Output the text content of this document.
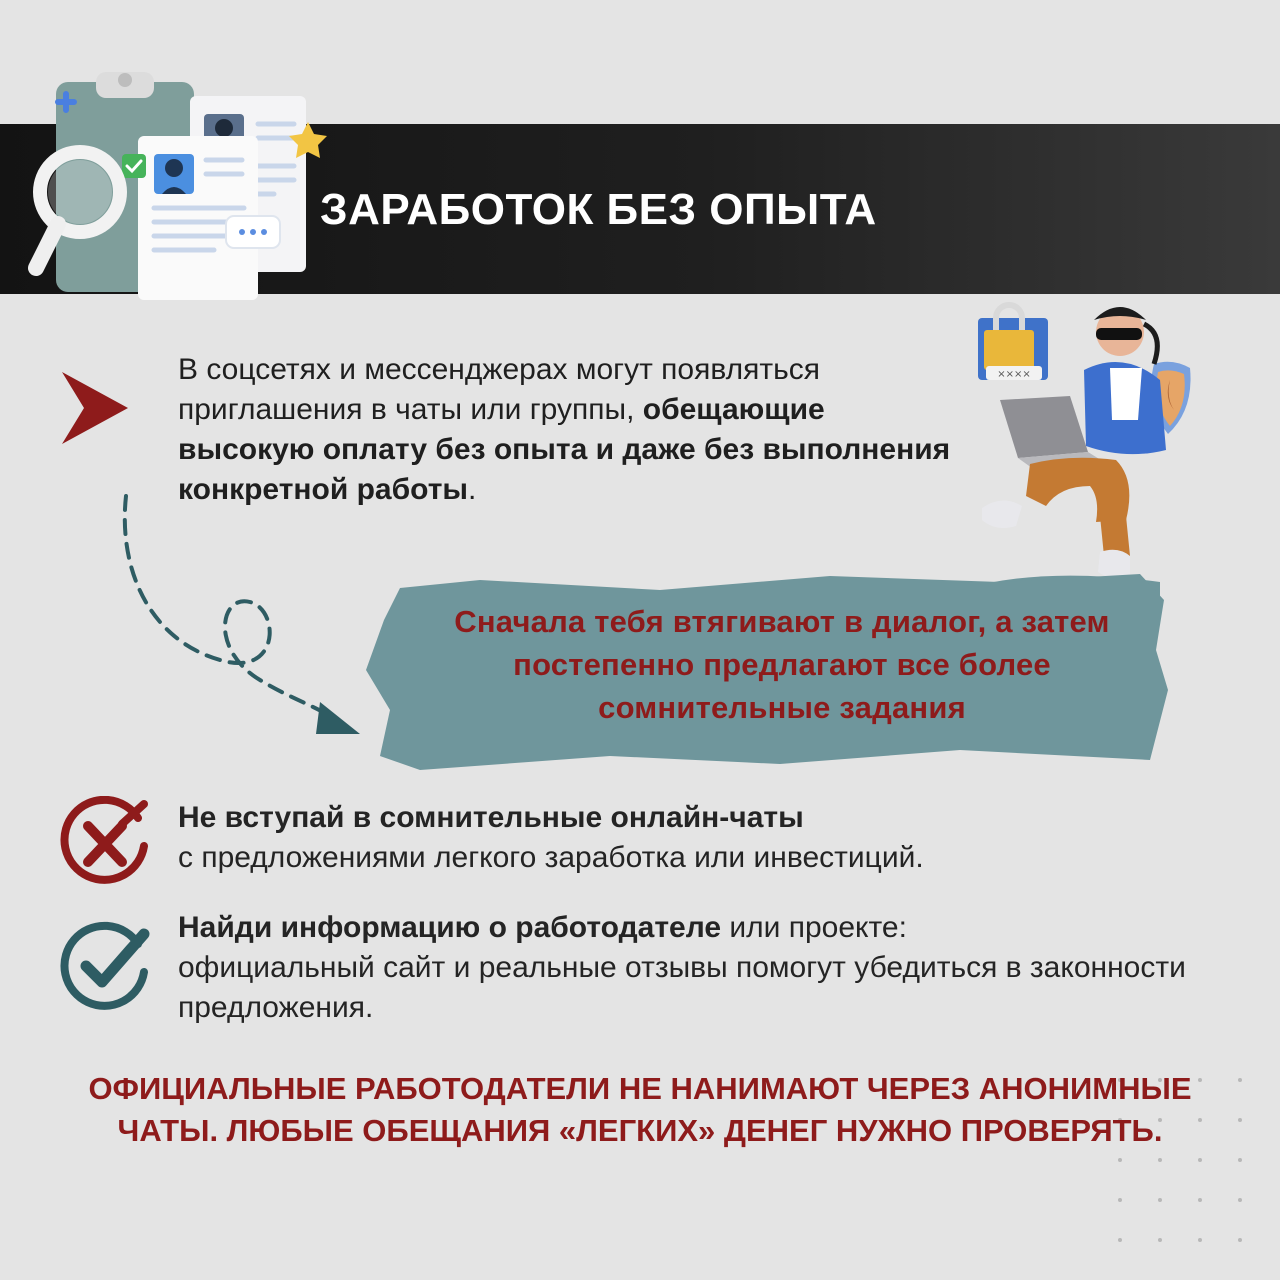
ЗАРАБОТОК БЕЗ ОПЫТА
В соцсетях и мессенджерах могут появляться приглашения в чаты или группы, обещающие высокую оплату без опыта и даже без выполнения конкретной работы.
××××
Сначала тебя втягивают в диалог, а затем постепенно предлагают все более сомнительные задания
Не вступай в сомнительные онлайн-чаты
с предложениями легкого заработка или инвестиций.
Найди информацию о работодателе или проекте:
официальный сайт и реальные отзывы помогут убедиться в законности предложения.
ОФИЦИАЛЬНЫЕ РАБОТОДАТЕЛИ НЕ НАНИМАЮТ ЧЕРЕЗ АНОНИМНЫЕ ЧАТЫ. ЛЮБЫЕ ОБЕЩАНИЯ «ЛЕГКИХ» ДЕНЕГ НУЖНО ПРОВЕРЯТЬ.
